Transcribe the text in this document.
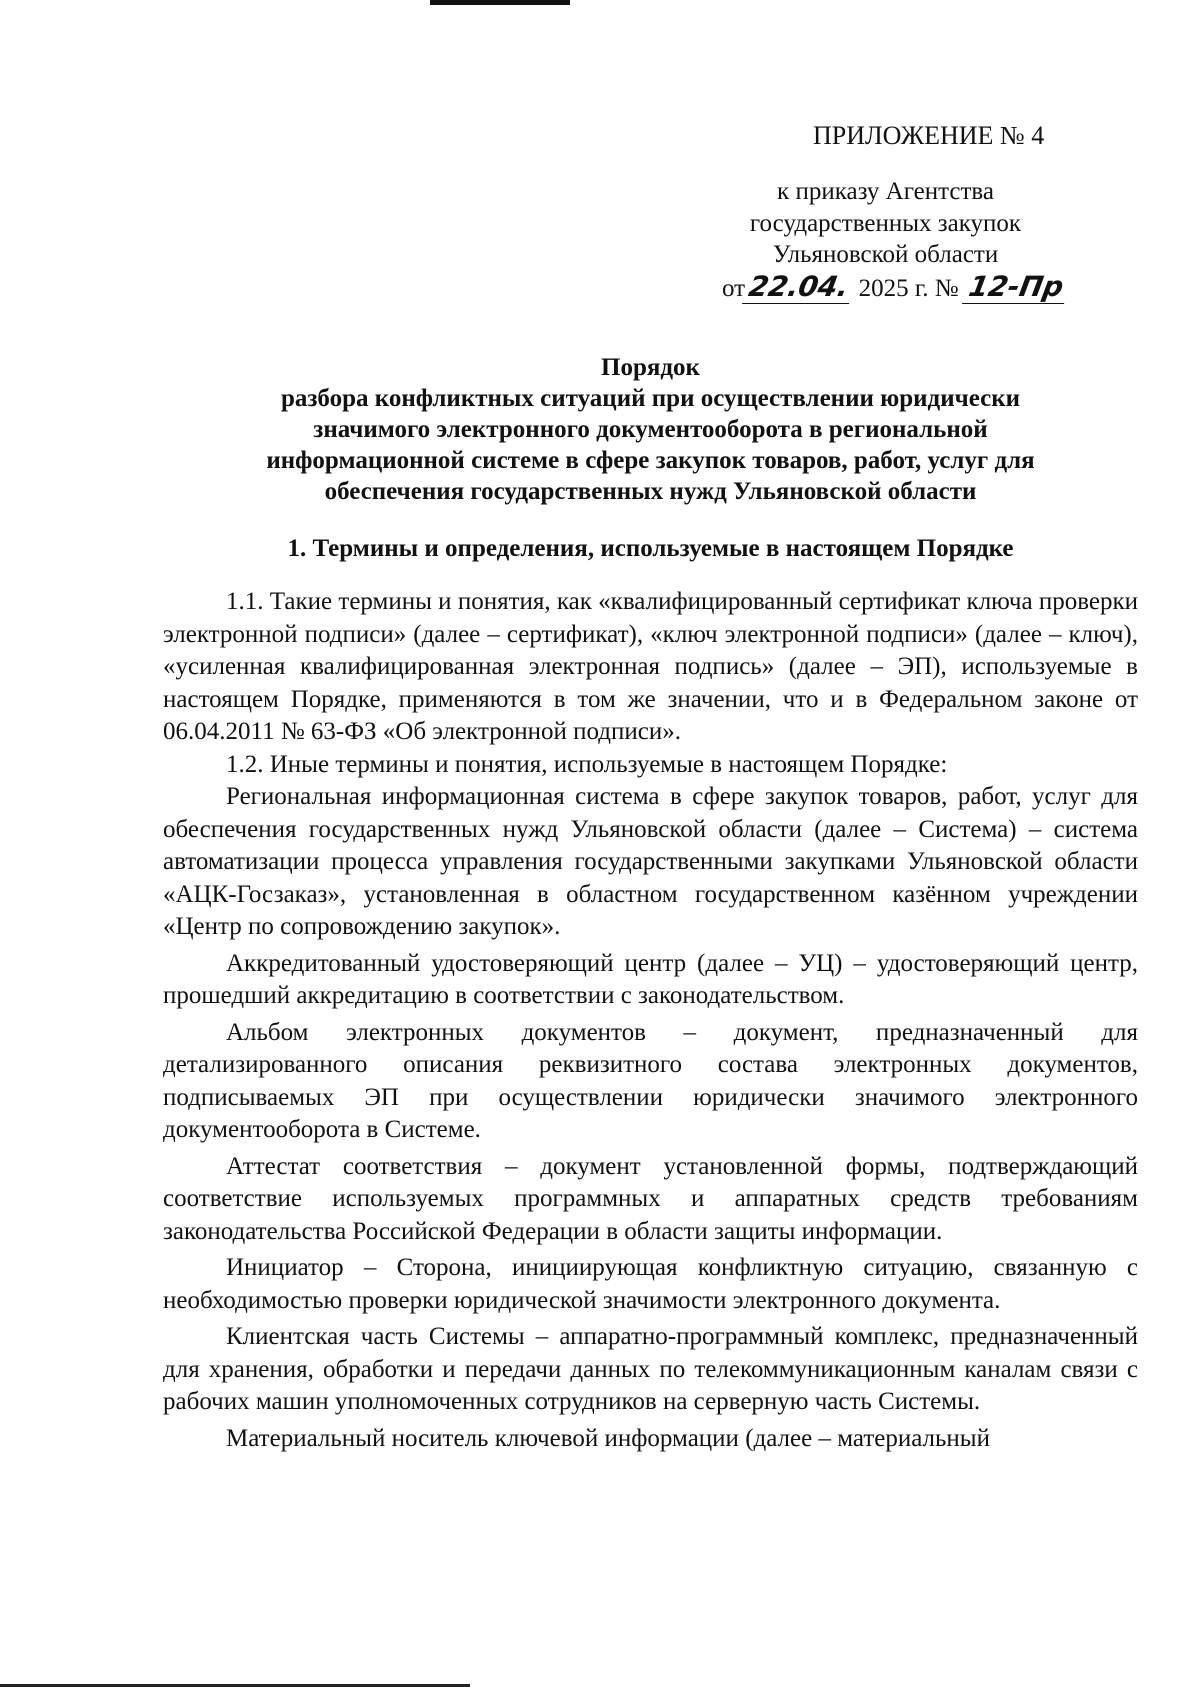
ПРИЛОЖЕНИЕ № 4
к приказу Агентства
государственных закупок
Ульяновской области
от22.04. 2025 г. № 12-Пр
Порядок
разбора конфликтных ситуаций при осуществлении юридически
значимого электронного документооборота в региональной
информационной системе в сфере закупок товаров, работ, услуг для
обеспечения государственных нужд Ульяновской области
1. Термины и определения, используемые в настоящем Порядке

1.1. Такие термины и понятия, как «квалифицированный сертификат ключа проверки электронной подписи» (далее – сертификат), «ключ электронной подписи» (далее – ключ), «усиленная квалифицированная электронная подпись» (далее – ЭП), используемые в настоящем Порядке, применяются в том же значении, что и в Федеральном законе от 06.04.2011 № 63-ФЗ «Об электронной подписи».

1.2. Иные термины и понятия, используемые в настоящем Порядке:

Региональная информационная система в сфере закупок товаров, работ, услуг для обеспечения государственных нужд Ульяновской области (далее – Система) – система автоматизации процесса управления государственными закупками Ульяновской области «АЦК-Госзаказ», установленная в областном государственном казённом учреждении «Центр по сопровождению закупок».

Аккредитованный удостоверяющий центр (далее – УЦ) – удостоверяющий центр, прошедший аккредитацию в соответствии с законодательством.

Альбом электронных документов – документ, предназначенный для детализированного описания реквизитного состава электронных документов, подписываемых ЭП при осуществлении юридически значимого электронного документооборота в Системе.

Аттестат соответствия – документ установленной формы, подтверждающий соответствие используемых программных и аппаратных средств требованиям законодательства Российской Федерации в области защиты информации.

Инициатор – Сторона, инициирующая конфликтную ситуацию, связанную с необходимостью проверки юридической значимости электронного документа.

Клиентская часть Системы – аппаратно-программный комплекс, предназначенный для хранения, обработки и передачи данных по телекоммуникационным каналам связи с рабочих машин уполномоченных сотрудников на серверную часть Системы.

Материальный носитель ключевой информации (далее – материальный
